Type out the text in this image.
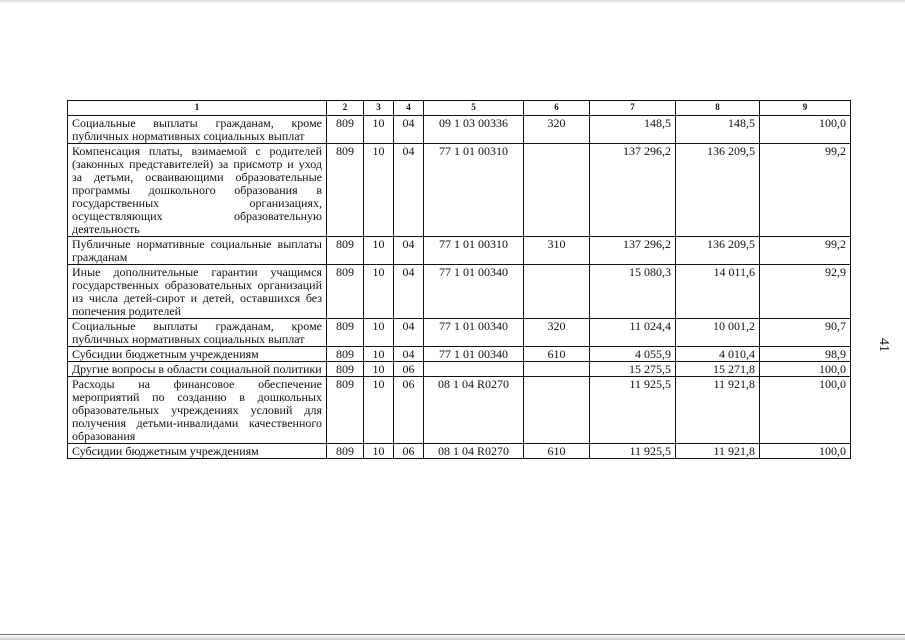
1	2	3	4	5	6	7	8	9
Социальные выплаты гражданам, кроме публичных нормативных социальных выплат	809	10	04	09 1 03 00336	320	148,5	148,5	100,0
Компенсация платы, взимаемой с родителей (законных представителей) за присмотр и уход за детьми, осваивающими образовательные программы дошкольного образования в государственных организациях, осуществляющих образовательную деятельность	809	10	04	77 1 01 00310		137 296,2	136 209,5	99,2
Публичные нормативные социальные выплаты гражданам	809	10	04	77 1 01 00310	310	137 296,2	136 209,5	99,2
Иные дополнительные гарантии учащимся государственных образовательных организаций из числа детей-сирот и детей, оставшихся без попечения родителей	809	10	04	77 1 01 00340		15 080,3	14 011,6	92,9
Социальные выплаты гражданам, кроме публичных нормативных социальных выплат	809	10	04	77 1 01 00340	320	11 024,4	10 001,2	90,7
Субсидии бюджетным учреждениям	809	10	04	77 1 01 00340	610	4 055,9	4 010,4	98,9
Другие вопросы в области социальной политики	809	10	06			15 275,5	15 271,8	100,0
Расходы на финансовое обеспечение мероприятий по созданию в дошкольных образовательных учреждениях условий для получения детьми-инвалидами качественного образования	809	10	06	08 1 04 R0270		11 925,5	11 921,8	100,0
Субсидии бюджетным учреждениям	809	10	06	08 1 04 R0270	610	11 925,5	11 921,8	100,0
41
